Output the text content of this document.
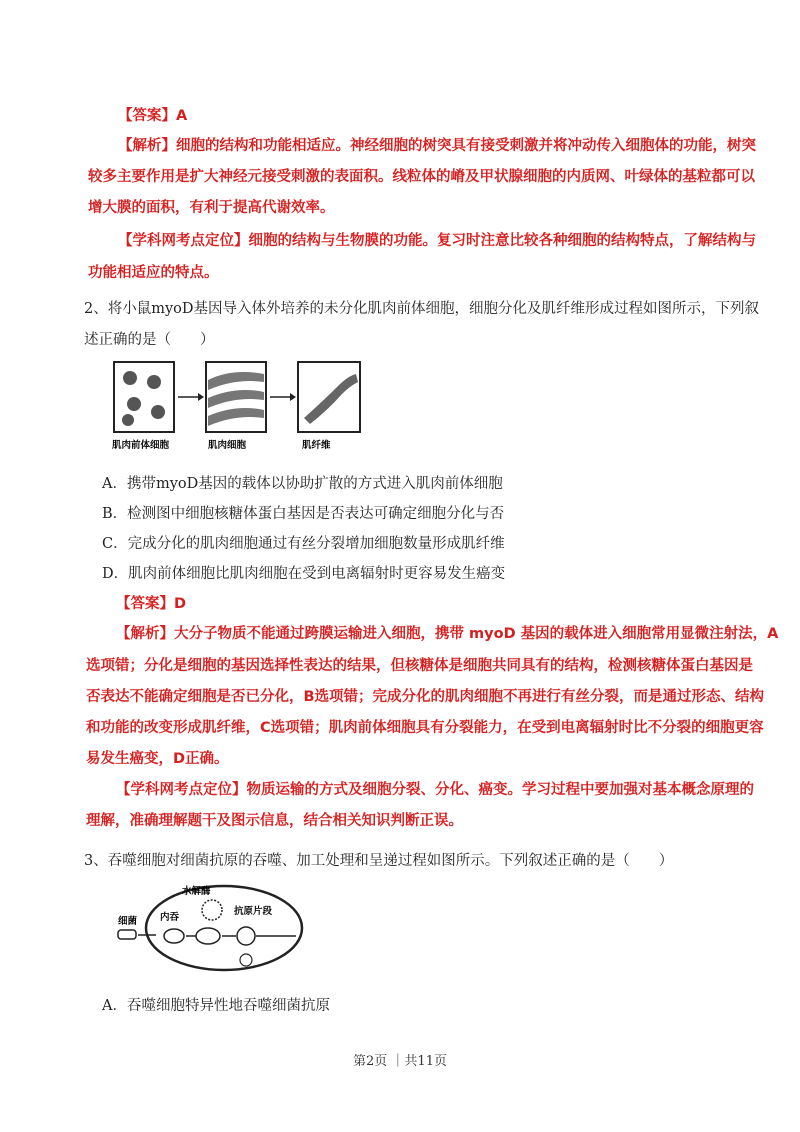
【答案】A
【解析】细胞的结构和功能相适应。神经细胞的树突具有接受刺激并将冲动传入细胞体的功能，树突
较多主要作用是扩大神经元接受刺激的表面积。线粒体的嵴及甲状腺细胞的内质网、叶绿体的基粒都可以
增大膜的面积，有利于提高代谢效率。
【学科网考点定位】细胞的结构与生物膜的功能。复习时注意比较各种细胞的结构特点，了解结构与
功能相适应的特点。
2、将小鼠myoD基因导入体外培养的未分化肌肉前体细胞，细胞分化及肌纤维形成过程如图所示，下列叙
述正确的是（　　）
肌肉前体细胞	肌肉细胞	肌纤维
A．携带myoD基因的载体以协助扩散的方式进入肌肉前体细胞
B．检测图中细胞核糖体蛋白基因是否表达可确定细胞分化与否
C．完成分化的肌肉细胞通过有丝分裂增加细胞数量形成肌纤维
D．肌肉前体细胞比肌肉细胞在受到电离辐射时更容易发生癌变
【答案】D
【解析】大分子物质不能通过跨膜运输进入细胞，携带 myoD 基因的载体进入细胞常用显微注射法，A
选项错；分化是细胞的基因选择性表达的结果，但核糖体是细胞共同具有的结构，检测核糖体蛋白基因是
否表达不能确定细胞是否已分化，B选项错；完成分化的肌肉细胞不再进行有丝分裂，而是通过形态、结构
和功能的改变形成肌纤维，C选项错；肌肉前体细胞具有分裂能力，在受到电离辐射时比不分裂的细胞更容
易发生癌变，D正确。
【学科网考点定位】物质运输的方式及细胞分裂、分化、癌变。学习过程中要加强对基本概念原理的
理解，准确理解题干及图示信息，结合相关知识判断正误。
3、吞噬细胞对细菌抗原的吞噬、加工处理和呈递过程如图所示。下列叙述正确的是（　　）
细菌 内吞
水解酶
抗原片段
A．吞噬细胞特异性地吞噬细菌抗原
第2页 ｜共11页
